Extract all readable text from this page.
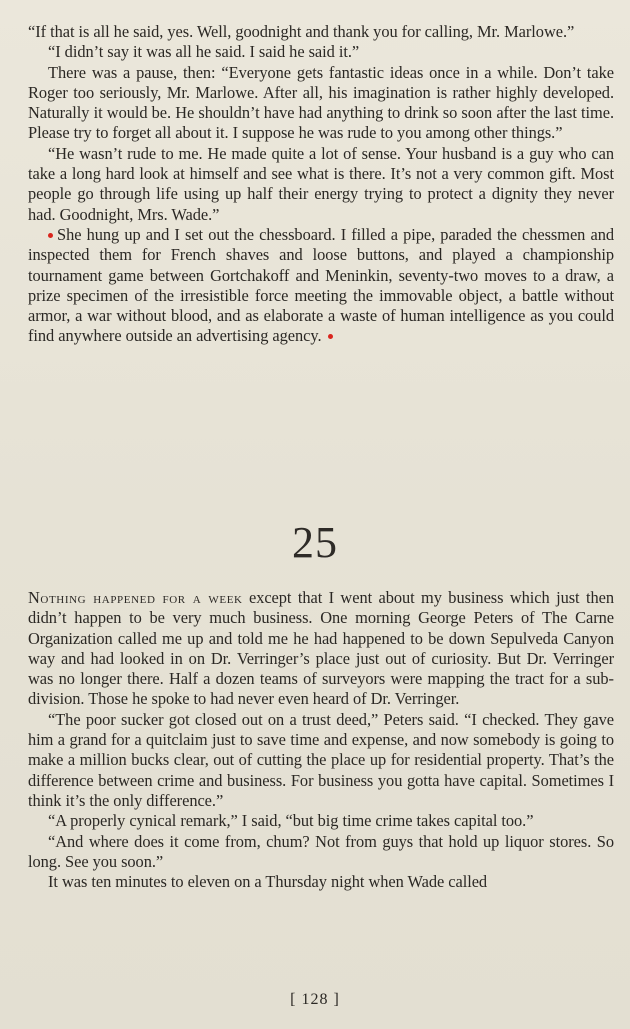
“If that is all he said, yes. Well, goodnight and thank you for calling, Mr. Marlowe.”

“I didn’t say it was all he said. I said he said it.”

There was a pause, then: “Everyone gets fantastic ideas once in a while. Don’t take Roger too seriously, Mr. Marlowe. After all, his imagination is rather highly developed. Naturally it would be. He shouldn’t have had anything to drink so soon after the last time. Please try to forget all about it. I suppose he was rude to you among other things.”

“He wasn’t rude to me. He made quite a lot of sense. Your husband is a guy who can take a long hard look at himself and see what is there. It’s not a very common gift. Most people go through life using up half their energy trying to protect a dignity they never had. Goodnight, Mrs. Wade.”

She hung up and I set out the chessboard. I filled a pipe, paraded the chessmen and inspected them for French shaves and loose buttons, and played a championship tournament game between Gortchakoff and Meninkin, seventy-two moves to a draw, a prize specimen of the irresistible force meeting the immovable object, a battle without armor, a war without blood, and as elaborate a waste of human intelligence as you could find anywhere outside an advertising agency.

25

Nothing happened for a week except that I went about my business which just then didn’t happen to be very much business. One morning George Peters of The Carne Organization called me up and told me he had happened to be down Sepulveda Canyon way and had looked in on Dr. Verringer’s place just out of curiosity. But Dr. Verringer was no longer there. Half a dozen teams of surveyors were mapping the tract for a subdivision. Those he spoke to had never even heard of Dr. Verringer.

“The poor sucker got closed out on a trust deed,” Peters said. “I checked. They gave him a grand for a quitclaim just to save time and expense, and now somebody is going to make a million bucks clear, out of cutting the place up for residential property. That’s the difference between crime and business. For business you gotta have capital. Sometimes I think it’s the only difference.”

“A properly cynical remark,” I said, “but big time crime takes capital too.”

“And where does it come from, chum? Not from guys that hold up liquor stores. So long. See you soon.”

It was ten minutes to eleven on a Thursday night when Wade called

[ 128 ]
